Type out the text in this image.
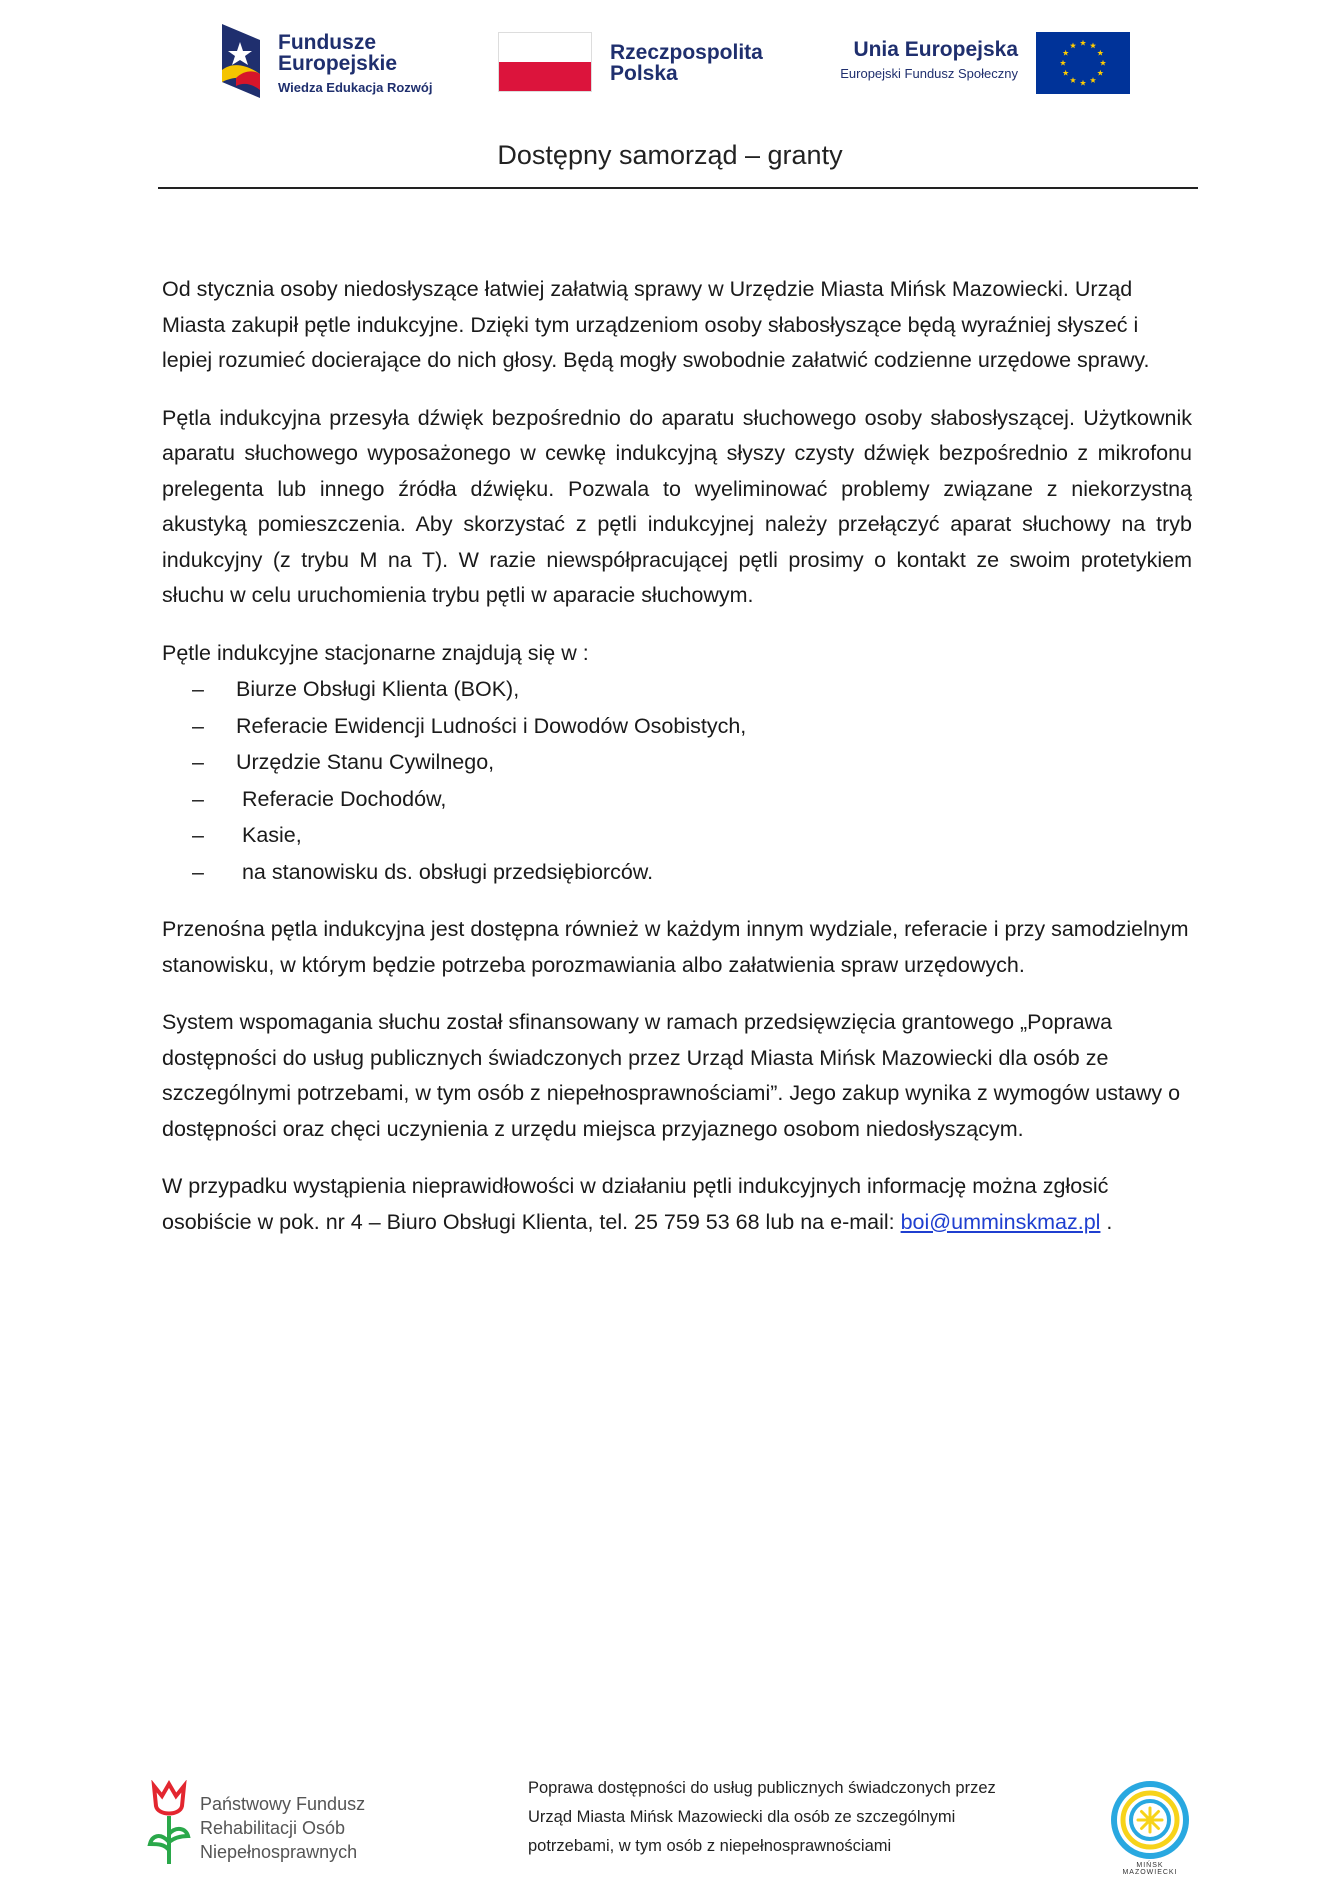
Fundusze
Europejskie
Wiedza Edukacja Rozwój
Rzeczpospolita
Polska
Unia Europejska
Europejski Fundusz Społeczny
Dostępny samorząd – granty

Od stycznia osoby niedosłyszące łatwiej załatwią sprawy w Urzędzie Miasta Mińsk Mazowiecki. Urząd Miasta zakupił pętle indukcyjne. Dzięki tym urządzeniom osoby słabosłyszące będą wyraźniej słyszeć i lepiej rozumieć docierające do nich głosy. Będą mogły swobodnie załatwić codzienne urzędowe sprawy.

Pętla indukcyjna przesyła dźwięk bezpośrednio do aparatu słuchowego osoby słabosłyszącej. Użytkownik aparatu słuchowego wyposażonego w cewkę indukcyjną słyszy czysty dźwięk bezpośrednio z mikrofonu prelegenta lub innego źródła dźwięku. Pozwala to wyeliminować problemy związane z niekorzystną akustyką pomieszczenia. Aby skorzystać z pętli indukcyjnej należy przełączyć aparat słuchowy na tryb indukcyjny (z trybu M na T). W razie niewspółpracującej pętli prosimy o kontakt ze swoim protetykiem słuchu w celu uruchomienia trybu pętli w aparacie słuchowym.

Pętle indukcyjne stacjonarne znajdują się w :

– Biurze Obsługi Klienta (BOK),
– Referacie Ewidencji Ludności i Dowodów Osobistych,
– Urzędzie Stanu Cywilnego,
– Referacie Dochodów,
– Kasie,
– na stanowisku ds. obsługi przedsiębiorców.

Przenośna pętla indukcyjna jest dostępna również w każdym innym wydziale, referacie i przy samodzielnym stanowisku, w którym będzie potrzeba porozmawiania albo załatwienia spraw urzędowych.

System wspomagania słuchu został sfinansowany w ramach przedsięwzięcia grantowego „Poprawa dostępności do usług publicznych świadczonych przez Urząd Miasta Mińsk Mazowiecki dla osób ze szczególnymi potrzebami, w tym osób z niepełnosprawnościami”. Jego zakup wynika z wymogów ustawy o dostępności oraz chęci uczynienia z urzędu miejsca przyjaznego osobom niedosłyszącym.

W przypadku wystąpienia nieprawidłowości w działaniu pętli indukcyjnych informację można zgłosić osobiście w pok. nr 4 – Biuro Obsługi Klienta, tel. 25 759 53 68 lub na e-mail: boi@umminskmaz.pl .

Państwowy Fundusz
Rehabilitacji Osób
Niepełnosprawnych
Poprawa dostępności do usług publicznych świadczonych przez
Urząd Miasta Mińsk Mazowiecki dla osób ze szczególnymi
potrzebami, w tym osób z niepełnosprawnościami
MIŃSK MAZOWIECKI
